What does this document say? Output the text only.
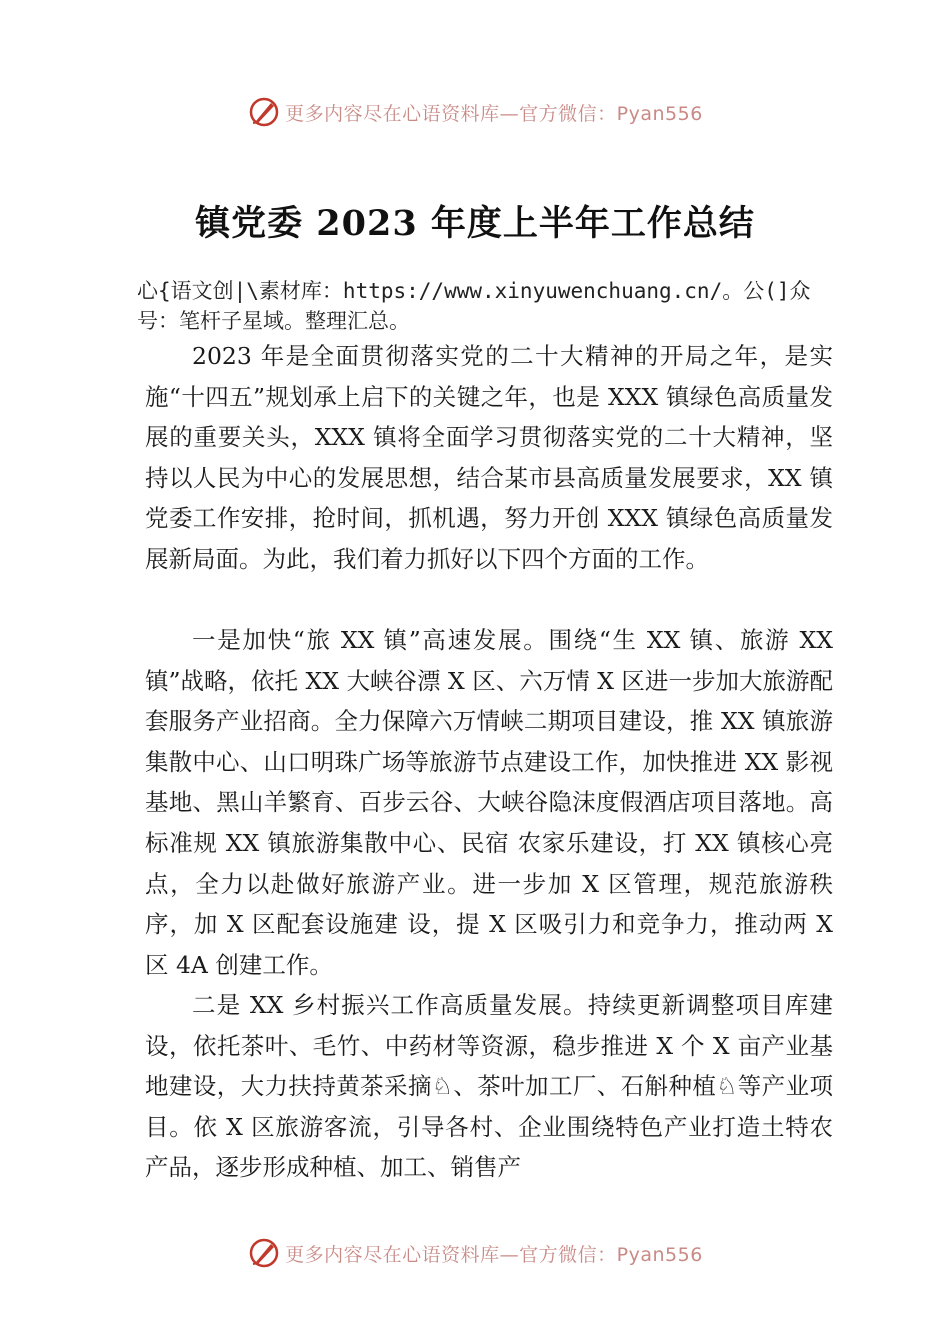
更多内容尽在心语资料库—官方微信：Pyan556
镇党委 2023 年度上半年工作总结

心{语文创|\素材库：https://www.xinyuwenchuang.cn/。公(]众号：笔杆子星域。整理汇总。

2023 年是全面贯彻落实党的二十大精神的开局之年，是实施“十四五”规划承上启下的关键之年，也是 XXX 镇绿色高质量发展的重要关头，XXX 镇将全面学习贯彻落实党的二十大精神，坚持以人民为中心的发展思想，结合某市县高质量发展要求，XX 镇党委工作安排，抢时间，抓机遇，努力开创 XXX 镇绿色高质量发展新局面。为此，我们着力抓好以下四个方面的工作。

一是加快“旅 XX 镇”高速发展。围绕“生 XX 镇、旅游 XX 镇”战略，依托 XX 大峡谷漂 X 区、六万情 X 区进一步加大旅游配套服务产业招商。全力保障六万情峡二期项目建设，推 XX 镇旅游集散中心、山口明珠广场等旅游节点建设工作，加快推进 XX 影视基地、黑山羊繁育、百步云谷、大峡谷隐沫度假酒店项目落地。高标准规 XX 镇旅游集散中心、民宿 农家乐建设，打 XX 镇核心亮点，全力以赴做好旅游产业。进一步加 X 区管理，规范旅游秩序，加 X 区配套设施建 设，提 X 区吸引力和竞争力，推动两 X 区 4A 创建工作。

二是 XX 乡村振兴工作高质量发展。持续更新调整项目库建设，依托茶叶、毛竹、中药材等资源，稳步推进 X 个 X 亩产业基地建设，大力扶持黄茶采摘♘、茶叶加工厂、石斛种植♘等产业项目。依 X 区旅游客流，引导各村、企业围绕特色产业打造土特农产品，逐步形成种植、加工、销售产

更多内容尽在心语资料库—官方微信：Pyan556
